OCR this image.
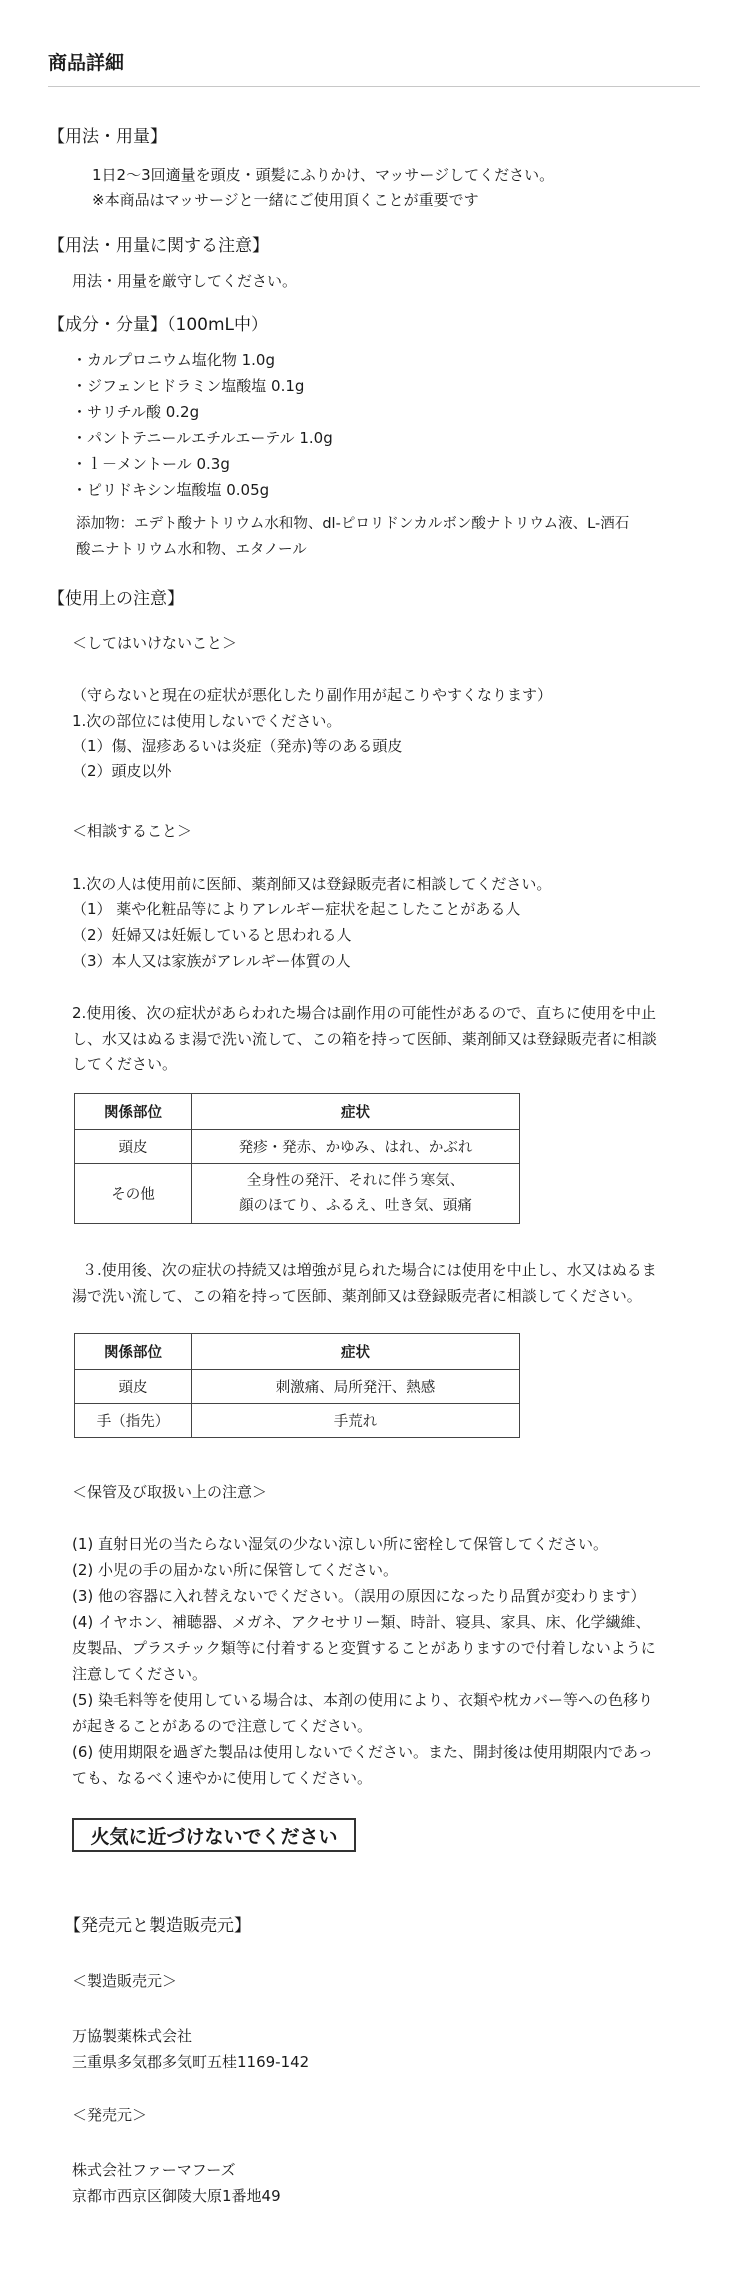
商品詳細
【用法・用量】
1日2〜3回適量を頭皮・頭髪にふりかけ、マッサージしてください。
※本商品はマッサージと一緒にご使用頂くことが重要です
【用法・用量に関する注意】
用法・用量を厳守してください。
【成分・分量】（100mL中）
・カルプロニウム塩化物 1.0g
・ジフェンヒドラミン塩酸塩 0.1g
・サリチル酸 0.2g
・パントテニールエチルエーテル 1.0g
・ｌ－メントール 0.3g
・ピリドキシン塩酸塩 0.05g
添加物：エデト酸ナトリウム水和物、dl-ピロリドンカルボン酸ナトリウム液、L-酒石
酸ニナトリウム水和物、エタノール
【使用上の注意】
＜してはいけないこと＞
（守らないと現在の症状が悪化したり副作用が起こりやすくなります）
1.次の部位には使用しないでください。
（1）傷、湿疹あるいは炎症（発赤)等のある頭皮
（2）頭皮以外
＜相談すること＞
1.次の人は使用前に医師、薬剤師又は登録販売者に相談してください。
（1） 薬や化粧品等によりアレルギー症状を起こしたことがある人
（2）妊婦又は妊娠していると思われる人
（3）本人又は家族がアレルギー体質の人
2.使用後、次の症状があらわれた場合は副作用の可能性があるので、直ちに使用を中止
し、水又はぬるま湯で洗い流して、この箱を持って医師、薬剤師又は登録販売者に相談
してください。
関係部位	症状
頭皮	発疹・発赤、かゆみ、はれ、かぶれ
その他	全身性の発汗、それに伴う寒気、
顔のほてり、ふるえ、吐き気、頭痛
３.使用後、次の症状の持続又は増強が見られた場合には使用を中止し、水又はぬるま
湯で洗い流して、この箱を持って医師、薬剤師又は登録販売者に相談してください。
関係部位	症状
頭皮	刺激痛、局所発汗、熱感
手（指先）	手荒れ
＜保管及び取扱い上の注意＞
(1) 直射日光の当たらない湿気の少ない涼しい所に密栓して保管してください。
(2) 小児の手の届かない所に保管してください。
(3) 他の容器に入れ替えないでください。（誤用の原因になったり品質が変わります）
(4) イヤホン、補聴器、メガネ、アクセサリー類、時計、寝具、家具、床、化学繊維、
皮製品、プラスチック類等に付着すると変質することがありますので付着しないように
注意してください。
(5) 染毛料等を使用している場合は、本剤の使用により、衣類や枕カバー等への色移り
が起きることがあるので注意してください。
(6) 使用期限を過ぎた製品は使用しないでください。また、開封後は使用期限内であっ
ても、なるべく速やかに使用してください。
火気に近づけないでください
【発売元と製造販売元】
＜製造販売元＞
万協製薬株式会社
三重県多気郡多気町五桂1169-142
＜発売元＞
株式会社ファーマフーズ
京都市西京区御陵大原1番地49
